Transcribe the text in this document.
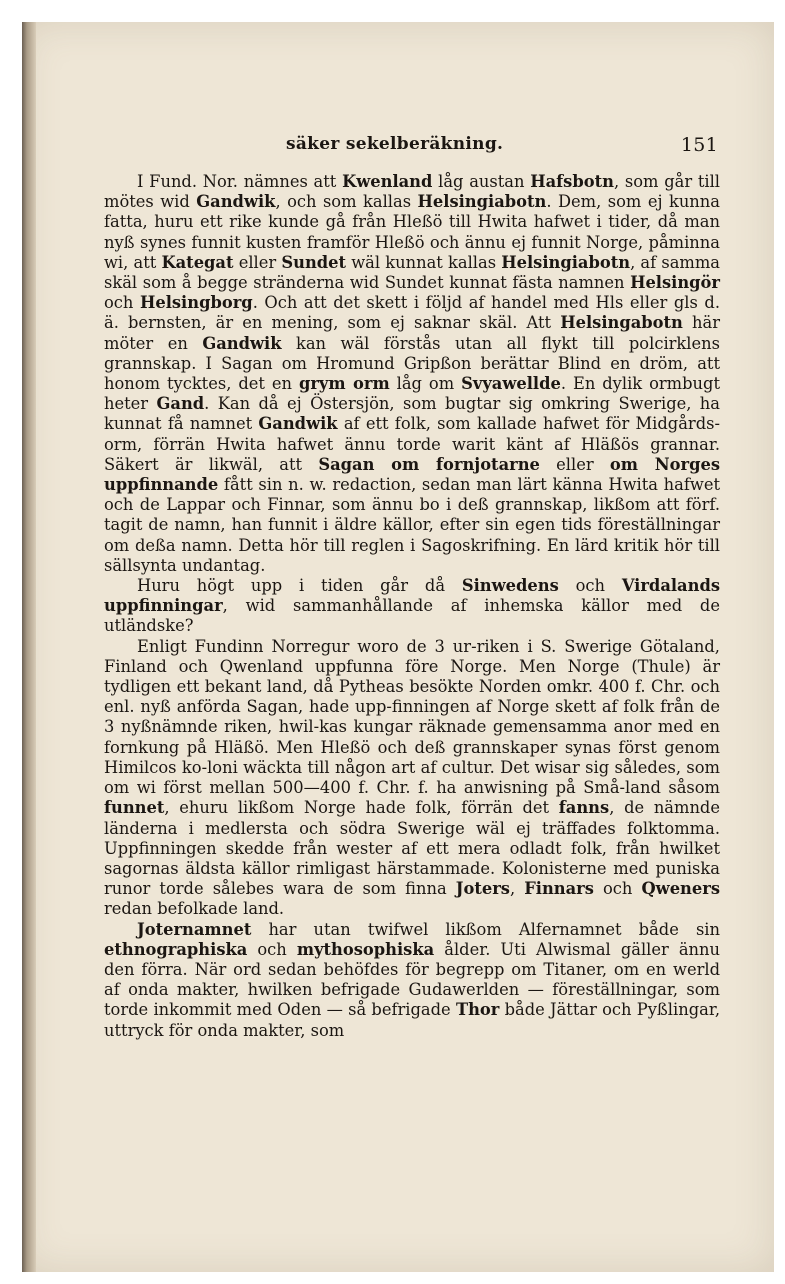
säker sekelberäkning.	151

I Fund. Nor. nämnes att Kwenland låg austan Hafsbotn, som går till mötes wid Gandwik, och som kallas Helsingiabotn. Dem, som ej kunna fatta, huru ett rike kunde gå från Hleßö till Hwita hafwet i tider, då man nyß synes funnit kusten framför Hleßö och ännu ej funnit Norge, påminna wi, att Kategat eller Sundet wäl kunnat kallas Helsingiabotn, af samma skäl som å begge stränderna wid Sundet kunnat fästa namnen Helsingör och Helsingborg. Och att det skett i följd af handel med Hls eller gls d. ä. bernsten, är en mening, som ej saknar skäl. Att Helsingabotn här möter en Gandwik kan wäl förstås utan all flykt till polcirklens grannskap. I Sagan om Hromund Gripßon berättar Blind en dröm, att honom tycktes, det en grym orm låg om Svyawellde. En dylik ormbugt heter Gand. Kan då ej Östersjön, som bugtar sig omkring Swerige, ha kunnat få namnet Gandwik af ett folk, som kallade hafwet för Midgårds-orm, förrän Hwita hafwet ännu torde warit känt af Hläßös grannar. Säkert är likwäl, att Sagan om fornjotarne eller om Norges uppfinnande fått sin n. w. redaction, sedan man lärt känna Hwita hafwet och de Lappar och Finnar, som ännu bo i deß grannskap, likßom att förf. tagit de namn, han funnit i äldre källor, efter sin egen tids föreställningar om deßa namn. Detta hör till reglen i Sagoskrifning. En lärd kritik hör till sällsynta undantag.

Huru högt upp i tiden går då Sinwedens och Virdalands uppfinningar, wid sammanhållande af inhemska källor med de utländske?

Enligt Fundinn Norregur woro de 3 ur-riken i S. Swerige Götaland, Finland och Qwenland uppfunna före Norge. Men Norge (Thule) är tydligen ett bekant land, då Pytheas besökte Norden omkr. 400 f. Chr. och enl. nyß anförda Sagan, hade upp-finningen af Norge skett af folk från de 3 nyßnämnde riken, hwil-kas kungar räknade gemensamma anor med en fornkung på Hläßö. Men Hleßö och deß grannskaper synas först genom Himilcos ko-loni wäckta till någon art af cultur. Det wisar sig således, som om wi först mellan 500—400 f. Chr. f. ha anwisning på Små-land såsom funnet, ehuru likßom Norge hade folk, förrän det fanns, de nämnde länderna i medlersta och södra Swerige wäl ej träffades folktomma. Uppfinningen skedde från wester af ett mera odladt folk, från hwilket sagornas äldsta källor rimligast härstammade. Kolonisterne med puniska runor torde sålebes wara de som finna Joters, Finnars och Qweners redan befolkade land.

Joternamnet har utan twifwel likßom Alfernamnet både sin ethnographiska och mythosophiska ålder. Uti Alwismal gäller ännu den förra. När ord sedan behöfdes för begrepp om Titaner, om en werld af onda makter, hwilken befrigade Gudawerlden — föreställningar, som torde inkommit med Oden — så befrigade Thor både Jättar och Pyßlingar, uttryck för onda makter, som
